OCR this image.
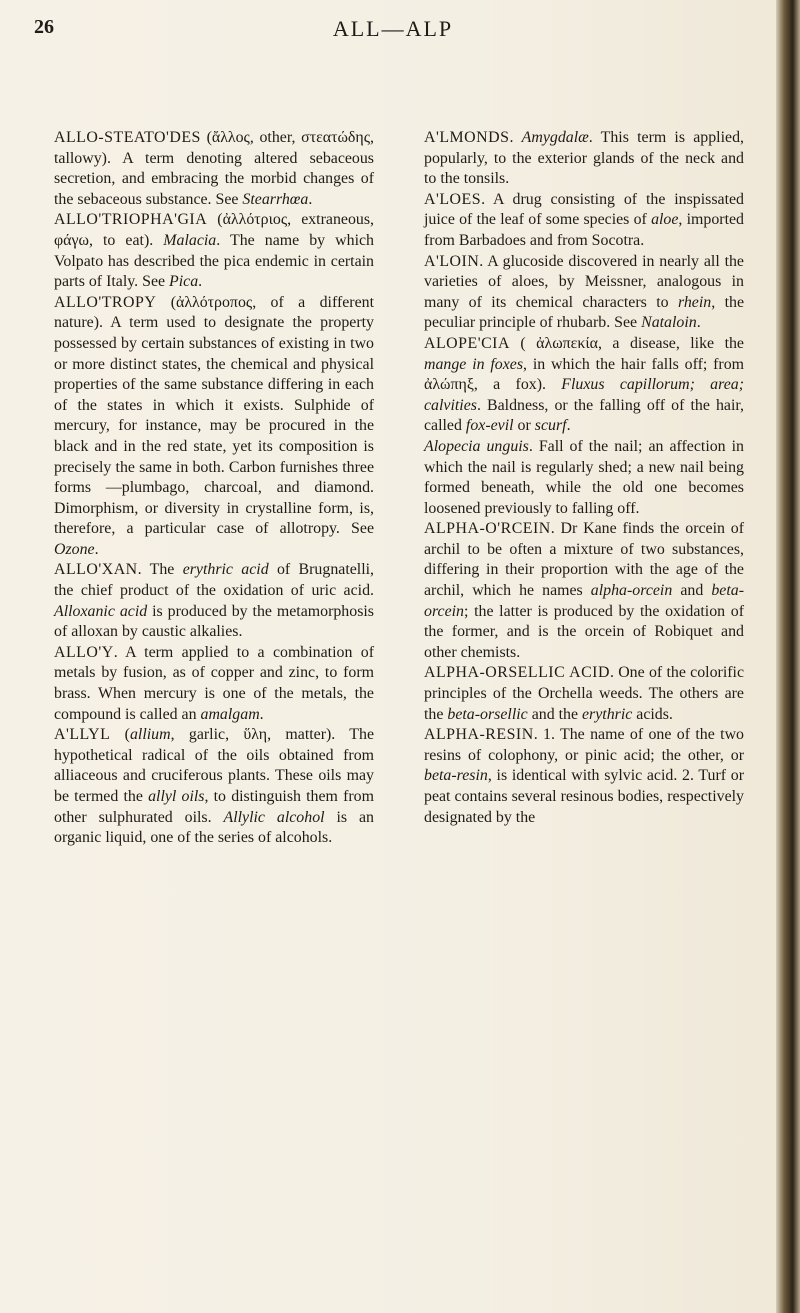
26	ALL—ALP

ALLO-STEATO'DES (ἄλλος, other, στεατώδης, tallowy). A term denoting altered sebaceous secretion, and embracing the morbid changes of the sebaceous substance. See Stearrhœa.

ALLO'TRIOPHA'GIA (ἀλλότριος, extraneous, φάγω, to eat). Malacia. The name by which Volpato has described the pica endemic in certain parts of Italy. See Pica.

ALLO'TROPY (ἀλλότροπος, of a different nature). A term used to designate the property possessed by certain substances of existing in two or more distinct states, the chemical and physical properties of the same substance differing in each of the states in which it exists. Sulphide of mercury, for instance, may be procured in the black and in the red state, yet its composition is precisely the same in both. Carbon furnishes three forms —plumbago, charcoal, and diamond. Dimorphism, or diversity in crystalline form, is, therefore, a particular case of allotropy. See Ozone.

ALLO'XAN. The erythric acid of Brugnatelli, the chief product of the oxidation of uric acid. Alloxanic acid is produced by the metamorphosis of alloxan by caustic alkalies.

ALLO'Y. A term applied to a combination of metals by fusion, as of copper and zinc, to form brass. When mercury is one of the metals, the compound is called an amalgam.

A'LLYL (allium, garlic, ὕλη, matter). The hypothetical radical of the oils obtained from alliaceous and cruciferous plants. These oils may be termed the allyl oils, to distinguish them from other sulphurated oils. Allylic alcohol is an organic liquid, one of the series of alcohols.

A'LMONDS. Amygdalæ. This term is applied, popularly, to the exterior glands of the neck and to the tonsils.

A'LOES. A drug consisting of the inspissated juice of the leaf of some species of aloe, imported from Barbadoes and from Socotra.

A'LOIN. A glucoside discovered in nearly all the varieties of aloes, by Meissner, analogous in many of its chemical characters to rhein, the peculiar principle of rhubarb. See Nataloin.

ALOPE'CIA ( ἀλωπεκία, a disease, like the mange in foxes, in which the hair falls off; from ἀλώπηξ, a fox). Fluxus capillorum; area; calvities. Baldness, or the falling off of the hair, called fox-evil or scurf.

Alopecia unguis. Fall of the nail; an affection in which the nail is regularly shed; a new nail being formed beneath, while the old one becomes loosened previously to falling off.

ALPHA-O'RCEIN. Dr Kane finds the orcein of archil to be often a mixture of two substances, differing in their proportion with the age of the archil, which he names alpha-orcein and beta-orcein; the latter is produced by the oxidation of the former, and is the orcein of Robiquet and other chemists.

ALPHA-ORSELLIC ACID. One of the colorific principles of the Orchella weeds. The others are the beta-orsellic and the erythric acids.

ALPHA-RESIN. 1. The name of one of the two resins of colophony, or pinic acid; the other, or beta-resin, is identical with sylvic acid. 2. Turf or peat contains several resinous bodies, respectively designated by the
